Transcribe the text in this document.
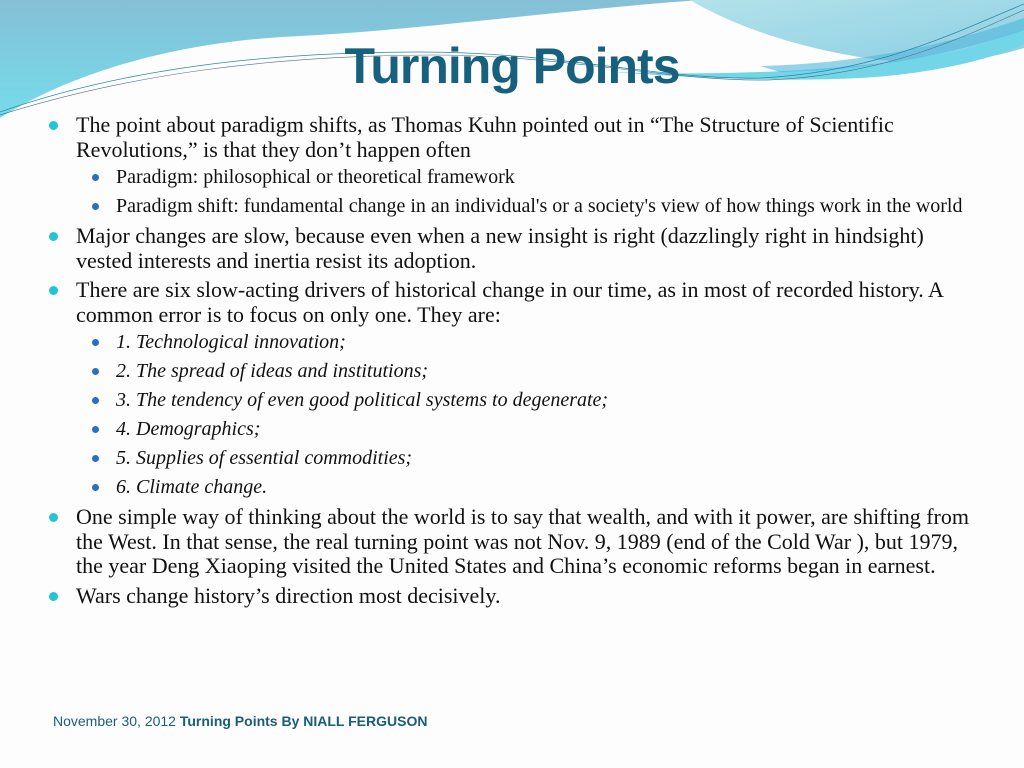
Turning Points
The point about paradigm shifts, as Thomas Kuhn pointed out in “The Structure of Scientific Revolutions,” is that they don’t happen often
Paradigm: philosophical or theoretical framework
Paradigm shift: fundamental change in an individual's or a society's view of how things work in the world
Major changes are slow, because even when a new insight is right (dazzlingly right in hindsight) vested interests and inertia resist its adoption.
There are six slow-acting drivers of historical change in our time, as in most of recorded history. A common error is to focus on only one. They are:
1. Technological innovation;
2. The spread of ideas and institutions;
3. The tendency of even good political systems to degenerate;
4. Demographics;
5. Supplies of essential commodities;
6. Climate change.
One simple way of thinking about the world is to say that wealth, and with it power, are shifting from the West. In that sense, the real turning point was not Nov. 9, 1989 (end of the Cold War ), but 1979, the year Deng Xiaoping visited the United States and China’s economic reforms began in earnest.
Wars change history’s direction most decisively.
November 30, 2012 Turning Points By NIALL FERGUSON
